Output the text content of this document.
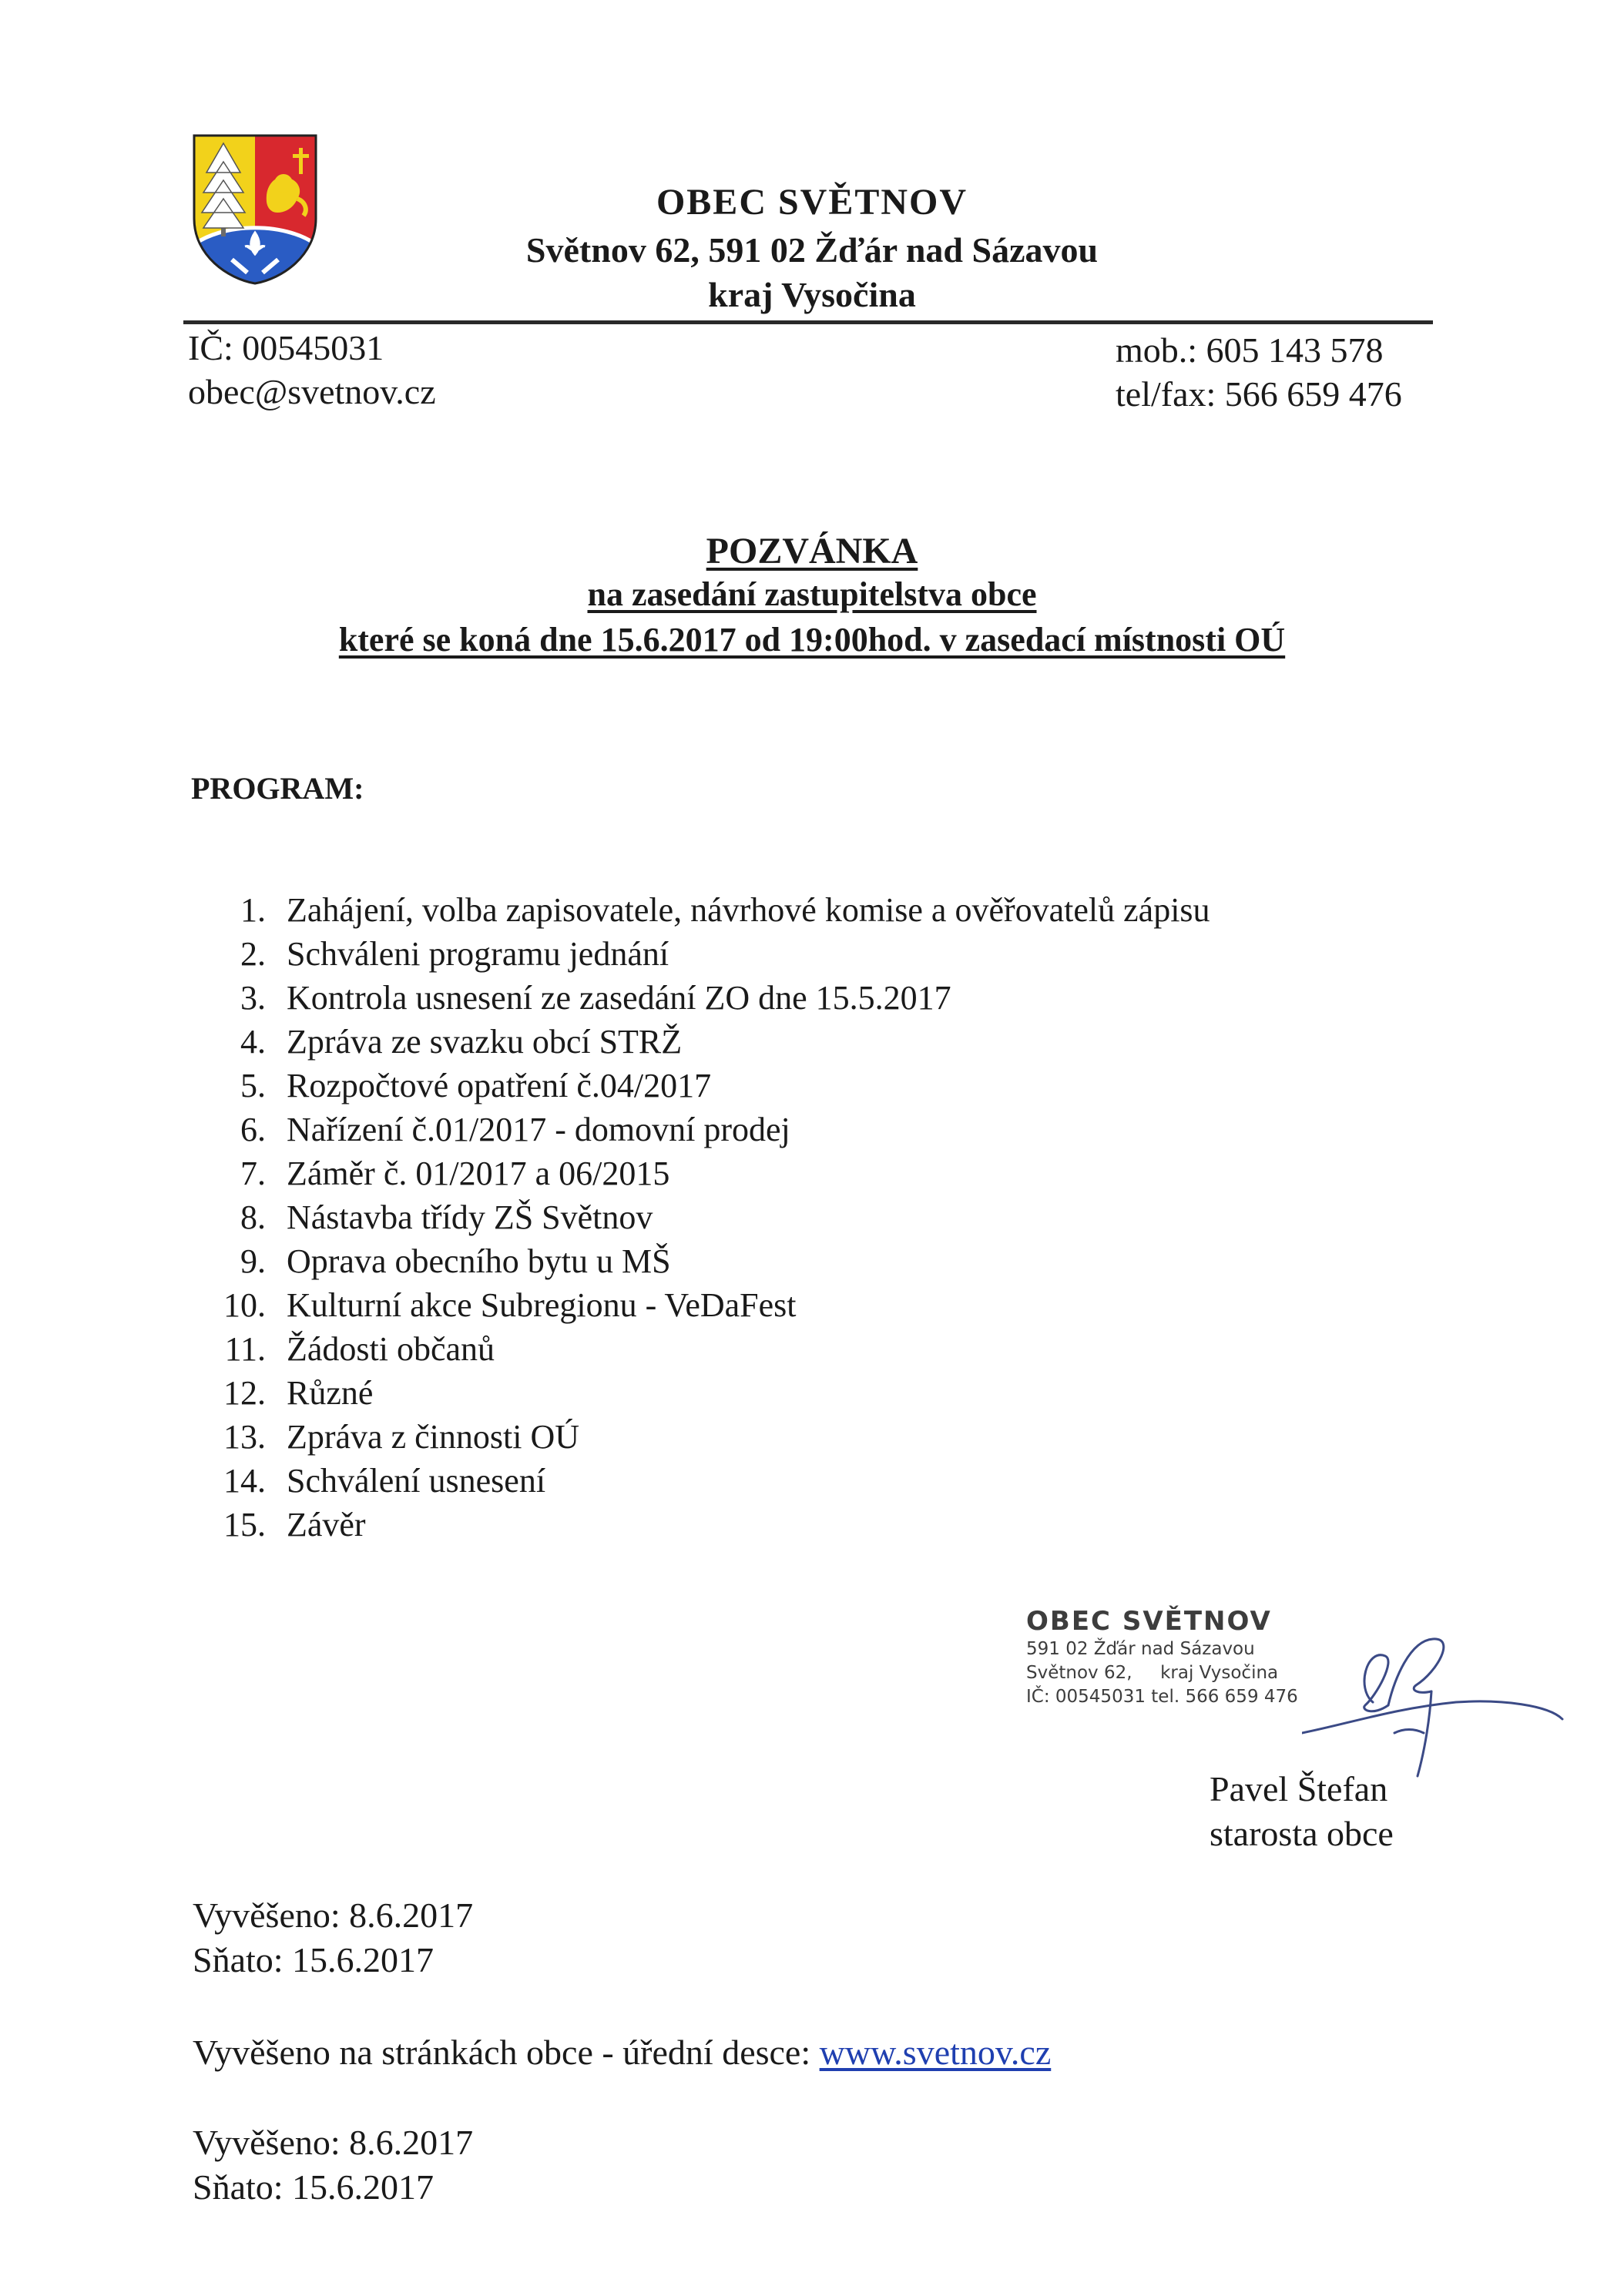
OBEC SVĚTNOV
Světnov 62, 591 02 Žďár nad Sázavou
kraj Vysočina
IČ: 00545031
obec@svetnov.cz
mob.: 605 143 578
tel/fax: 566 659 476
POZVÁNKA
na zasedání zastupitelstva obce
které se koná dne 15.6.2017 od 19:00hod. v zasedací místnosti OÚ
PROGRAM:
1. Zahájení, volba zapisovatele, návrhové komise a ověřovatelů zápisu
2. Schváleni programu jednání
3. Kontrola usnesení ze zasedání ZO dne 15.5.2017
4. Zpráva ze svazku obcí STRŽ
5. Rozpočtové opatření č.04/2017
6. Nařízení č.01/2017 - domovní prodej
7. Záměr č. 01/2017 a 06/2015
8. Nástavba třídy ZŠ Světnov
9. Oprava obecního bytu u MŠ
10. Kulturní akce Subregionu - VeDaFest
11. Žádosti občanů
12. Různé
13. Zpráva z činnosti OÚ
14. Schválení usnesení
15. Závěr
OBEC SVĚTNOV
591 02 Žďár nad Sázavou
Světnov 62,     kraj Vysočina
IČ: 00545031 tel. 566 659 476
Pavel Štefan
starosta obce
Vyvěšeno: 8.6.2017
Sňato: 15.6.2017
Vyvěšeno na stránkách obce - úřední desce: www.svetnov.cz
Vyvěšeno: 8.6.2017
Sňato: 15.6.2017
